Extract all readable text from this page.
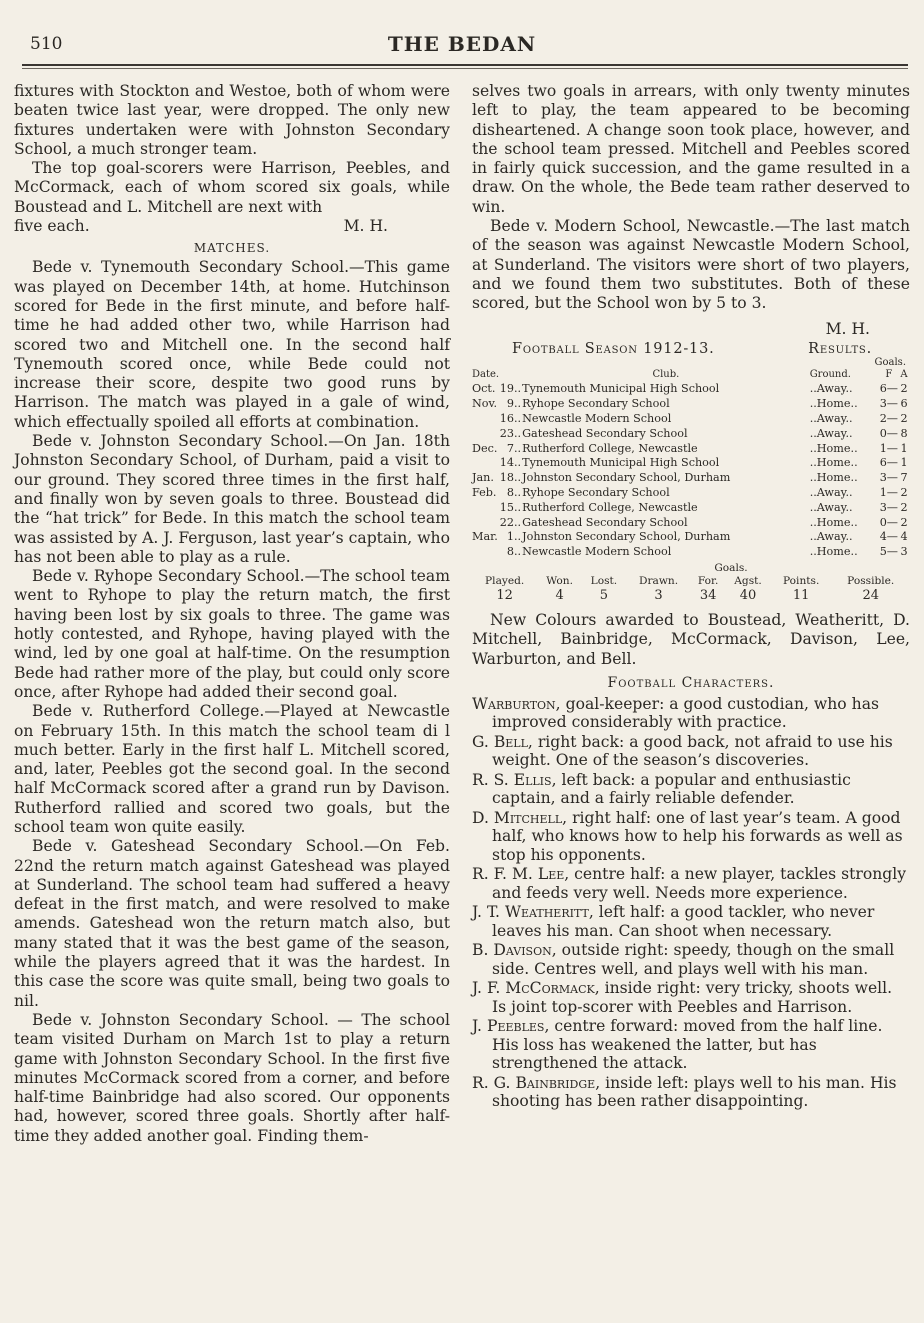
510	THE BEDAN

fixtures with Stockton and Westoe, both of whom were beaten twice last year, were dropped. The only new fixtures undertaken were with Johnston Secondary School, a much stronger team.

The top goal-scorers were Harrison, Peebles, and McCormack, each of whom scored six goals, while Boustead and L. Mitchell are next with

five each.	M. H.
MATCHES.

Bede v. Tynemouth Secondary School.—This game was played on December 14th, at home. Hutchinson scored for Bede in the first minute, and before half-time he had added other two, while Harrison had scored two and Mitchell one. In the second half Tynemouth scored once, while Bede could not increase their score, despite two good runs by Harrison. The match was played in a gale of wind, which effectually spoiled all efforts at combination.

Bede v. Johnston Secondary School.—On Jan. 18th Johnston Secondary School, of Durham, paid a visit to our ground. They scored three times in the first half, and finally won by seven goals to three. Boustead did the “hat trick” for Bede. In this match the school team was assisted by A. J. Ferguson, last year’s captain, who has not been able to play as a rule.

Bede v. Ryhope Secondary School.—The school team went to Ryhope to play the return match, the first having been lost by six goals to three. The game was hotly contested, and Ryhope, having played with the wind, led by one goal at half-time. On the resumption Bede had rather more of the play, but could only score once, after Ryhope had added their second goal.

Bede v. Rutherford College.—Played at Newcastle on February 15th. In this match the school team di l much better. Early in the first half L. Mitchell scored, and, later, Peebles got the second goal. In the second half McCormack scored after a grand run by Davison. Rutherford rallied and scored two goals, but the school team won quite easily.

Bede v. Gateshead Secondary School.—On Feb. 22nd the return match against Gateshead was played at Sunderland. The school team had suffered a heavy defeat in the first match, and were resolved to make amends. Gateshead won the return match also, but many stated that it was the best game of the season, while the players agreed that it was the hardest. In this case the score was quite small, being two goals to nil.

Bede v. Johnston Secondary School. — The school team visited Durham on March 1st to play a return game with Johnston Secondary School. In the first five minutes McCormack scored from a corner, and before half-time Bainbridge had also scored. Our opponents had, however, scored three goals. Shortly after half-time they added another goal. Finding them-

selves two goals in arrears, with only twenty minutes left to play, the team appeared to be becoming disheartened. A change soon took place, however, and the school team pressed. Mitchell and Peebles scored in fairly quick succession, and the game resulted in a draw. On the whole, the Bede team rather deserved to win.

Bede v. Modern School, Newcastle.—The last match of the season was against Newcastle Modern School, at Sunderland. The visitors were short of two players, and we found them two substitutes. Both of these scored, but the School won by 5 to 3.

M. H.
Football Season 1912-13.	Results.
Goals.
Date.		Club.	Ground.	F	A
Oct.	19..	Tynemouth Municipal High School	..Away..	6—	2
Nov.	9..	Ryhope Secondary School	..Home..	3—	6
	16..	Newcastle Modern School	..Away..	2—	2
	23..	Gateshead Secondary School	..Away..	0—	8
Dec.	7..	Rutherford College, Newcastle	..Home..	1—	1
	14..	Tynemouth Municipal High School	..Home..	6—	1
Jan.	18..	Johnston Secondary School, Durham	..Home..	3—	7
Feb.	8..	Ryhope Secondary School	..Away..	1—	2
	15..	Rutherford College, Newcastle	..Away..	3—	2
	22..	Gateshead Secondary School	..Home..	0—	2
Mar.	1..	Johnston Secondary School, Durham	..Away..	4—	4
	8..	Newcastle Modern School	..Home..	5—	3
				Goals.			
Played.	Won.	Lost.	Drawn.	For.	Agst.	Points.	Possible.
12	4	5	3	34	40	11	24

New Colours awarded to Boustead, Weatheritt, D. Mitchell, Bainbridge, McCormack, Davison, Lee, Warburton, and Bell.

Football Characters.

Warburton, goal-keeper: a good custodian, who has improved considerably with practice.

G. Bell, right back: a good back, not afraid to use his weight. One of the season’s discoveries.

R. S. Ellis, left back: a popular and enthusiastic captain, and a fairly reliable defender.

D. Mitchell, right half: one of last year’s team. A good half, who knows how to help his forwards as well as stop his opponents.

R. F. M. Lee, centre half: a new player, tackles strongly and feeds very well. Needs more experience.

J. T. Weatheritt, left half: a good tackler, who never leaves his man. Can shoot when necessary.

B. Davison, outside right: speedy, though on the small side. Centres well, and plays well with his man.

J. F. McCormack, inside right: very tricky, shoots well. Is joint top-scorer with Peebles and Harrison.

J. Peebles, centre forward: moved from the half line. His loss has weakened the latter, but has strengthened the attack.

R. G. Bainbridge, inside left: plays well to his man. His shooting has been rather disappointing.
